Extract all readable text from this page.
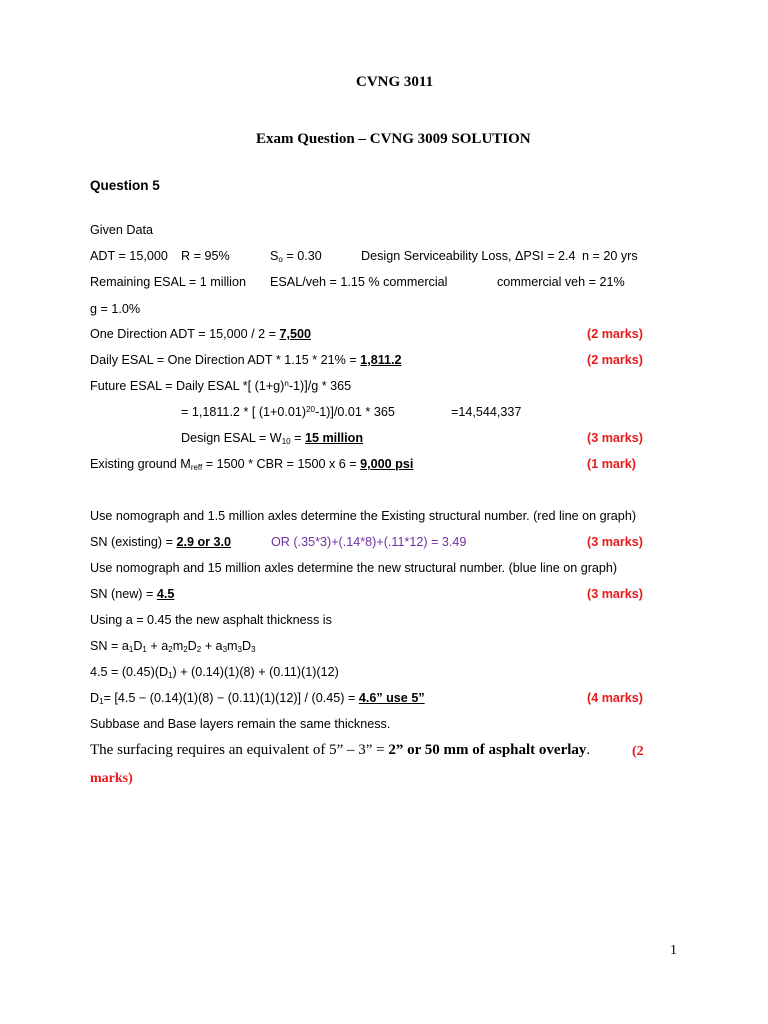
CVNG 3011
Exam Question – CVNG 3009 SOLUTION
Question 5
Given Data
ADT = 15,000 R = 95%	$S_o = 0.30$	Design Serviceability Loss, ΔPSI = 2.4 n = 20 yrs
Remaining ESAL = 1 million ESAL/veh = 1.15 % commercial	commercial veh = 21%
g = 1.0%
One Direction ADT = 15,000 / 2 = 7,500	(2 marks)
Daily ESAL = One Direction ADT * 1.15 * 21% = 1,811.2	(2 marks)
Future ESAL = Daily ESAL *[ $(1+g)^n-1)]/g * 365$
= 1,1811.2 * [ $(1+0.01)^{20}-1)]/0.01 * 365$	=14,544,337
Design ESAL = $W_{10} = 15$ million	(3 marks)
Existing ground $M_{reff} = 1500$ * CBR = 1500 x 6 = 9,000 psi	(1 mark)
Use nomograph and 1.5 million axles determine the Existing structural number. (red line on graph)
SN (existing) = 2.9 or 3.0	OR (.35*3)+(.14*8)+(.11*12) = 3.49	(3 marks)
Use nomograph and 15 million axles determine the new structural number. (blue line on graph)
SN (new) = 4.5	(3 marks)
Using a = 0.45 the new asphalt thickness is
SN = $a_1D_1 + a_2m_2D_2 + a_3m_3D_3$
$4.5 = (0.45)(D_1) + (0.14)(1)(8) + (0.11)(1)(12)$
$D_1= [4.5 - (0.14)(1)(8) - (0.11)(1)(12)] / (0.45) = 4.6$” use 5”	(4 marks)
Subbase and Base layers remain the same thickness.
The surfacing requires an equivalent of 5” – 3” = 2” or 50 mm of asphalt overlay.	(2
marks)
1
